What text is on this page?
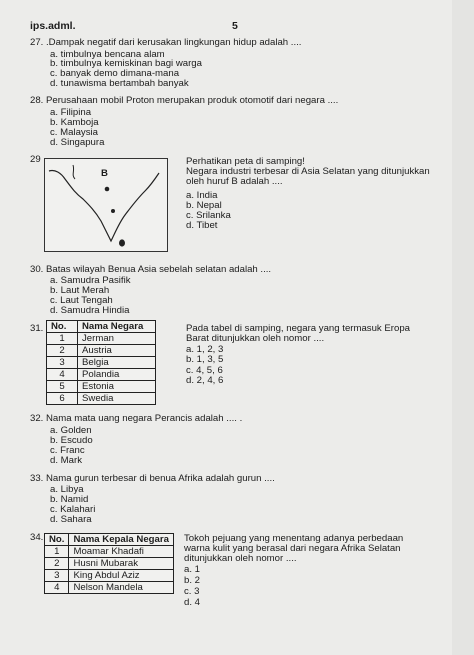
ips.adml.	5
27. .Dampak negatif dari kerusakan lingkungan hidup adalah ....
a. timbulnya bencana alam
b. timbulnya kemiskinan bagi warga
c. banyak demo dimana-mana
d. tunawisma bertambah banyak
28. Perusahaan mobil Proton merupakan produk otomotif dari negara ....
a. Filipina
b. Kamboja
c. Malaysia
d. Singapura
29
B
Perhatikan peta di samping!
Negara industri terbesar di Asia Selatan yang ditunjukkan
oleh huruf B adalah ....
a. India
b. Nepal
c. Srilanka
d. Tibet
30. Batas wilayah Benua Asia sebelah selatan adalah ....
a. Samudra Pasifik
b. Laut Merah
c. Laut Tengah
d. Samudra Hindia
31. No.	Nama Negara
1	Jerman
2	Austria
3	Belgia
4	Polandia
5	Estonia
6	Swedia
Pada tabel di samping, negara yang termasuk Eropa
Barat ditunjukkan oleh nomor ....
a. 1, 2, 3
b. 1, 3, 5
c. 4, 5, 6
d. 2, 4, 6
32. Nama mata uang negara Perancis adalah .... .
a. Golden
b. Escudo
c. Franc
d. Mark
33. Nama gurun terbesar di benua Afrika adalah gurun ....
a. Libya
b. Namid
c. Kalahari
d. Sahara
34. No.	Nama Kepala Negara
1	Moamar Khadafi
2	Husni Mubarak
3	King Abdul Aziz
4	Nelson Mandela
Tokoh pejuang yang menentang adanya perbedaan
warna kulit yang berasal dari negara Afrika Selatan
ditunjukkan oleh nomor ....
a. 1
b. 2
c. 3
d. 4
